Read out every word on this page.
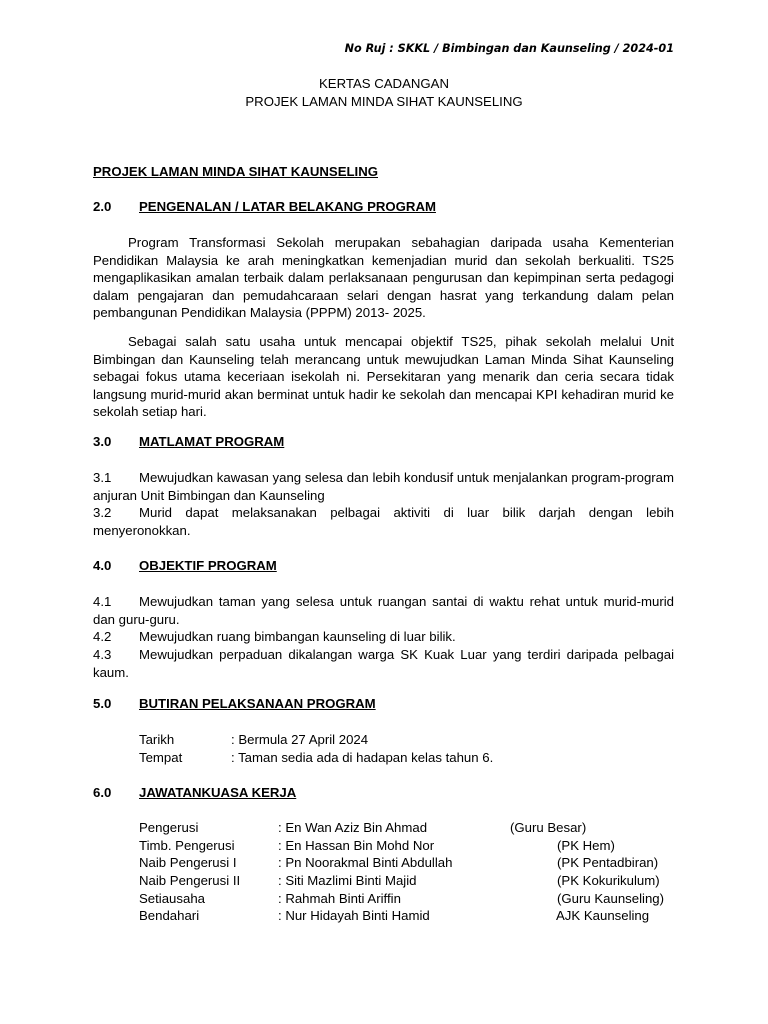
No Ruj : SKKL / Bimbingan dan Kaunseling / 2024-01
KERTAS CADANGAN
PROJEK LAMAN MINDA SIHAT KAUNSELING
PROJEK LAMAN MINDA SIHAT KAUNSELING
2.0 PENGENALAN / LATAR BELAKANG PROGRAM
Program Transformasi Sekolah merupakan sebahagian daripada usaha Kementerian Pendidikan Malaysia ke arah meningkatkan kemenjadian murid dan sekolah berkualiti. TS25 mengaplikasikan amalan terbaik dalam perlaksanaan pengurusan dan kepimpinan serta pedagogi dalam pengajaran dan pemudahcaraan selari dengan hasrat yang terkandung dalam pelan pembangunan Pendidikan Malaysia (PPPM) 2013- 2025.
Sebagai salah satu usaha untuk mencapai objektif TS25, pihak sekolah melalui Unit Bimbingan dan Kaunseling telah merancang untuk mewujudkan Laman Minda Sihat Kaunseling sebagai fokus utama keceriaan isekolah ni. Persekitaran yang menarik dan ceria secara tidak langsung murid-murid akan berminat untuk hadir ke sekolah dan mencapai KPI kehadiran murid ke sekolah setiap hari.
3.0 MATLAMAT PROGRAM
3.1 Mewujudkan kawasan yang selesa dan lebih kondusif untuk menjalankan program-program anjuran Unit Bimbingan dan Kaunseling
3.2 Murid dapat melaksanakan pelbagai aktiviti di luar bilik darjah dengan lebih menyeronokkan.
4.0 OBJEKTIF PROGRAM
4.1 Mewujudkan taman yang selesa untuk ruangan santai di waktu rehat untuk murid-murid dan guru-guru.
4.2 Mewujudkan ruang bimbangan kaunseling di luar bilik.
4.3 Mewujudkan perpaduan dikalangan warga SK Kuak Luar yang terdiri daripada pelbagai kaum.
5.0 BUTIRAN PELAKSANAAN PROGRAM
Tarikh	: Bermula 27 April 2024
Tempat	: Taman sedia ada di hadapan kelas tahun 6.
6.0 JAWATANKUASA KERJA
Pengerusi	: En Wan Aziz Bin Ahmad	(Guru Besar)
Timb. Pengerusi	: En Hassan Bin Mohd Nor	(PK Hem)
Naib Pengerusi I	: Pn Noorakmal Binti Abdullah	(PK Pentadbiran)
Naib Pengerusi II	: Siti Mazlimi Binti Majid	(PK Kokurikulum)
Setiausaha	: Rahmah Binti Ariffin	(Guru Kaunseling)
Bendahari	: Nur Hidayah Binti Hamid	AJK Kaunseling
